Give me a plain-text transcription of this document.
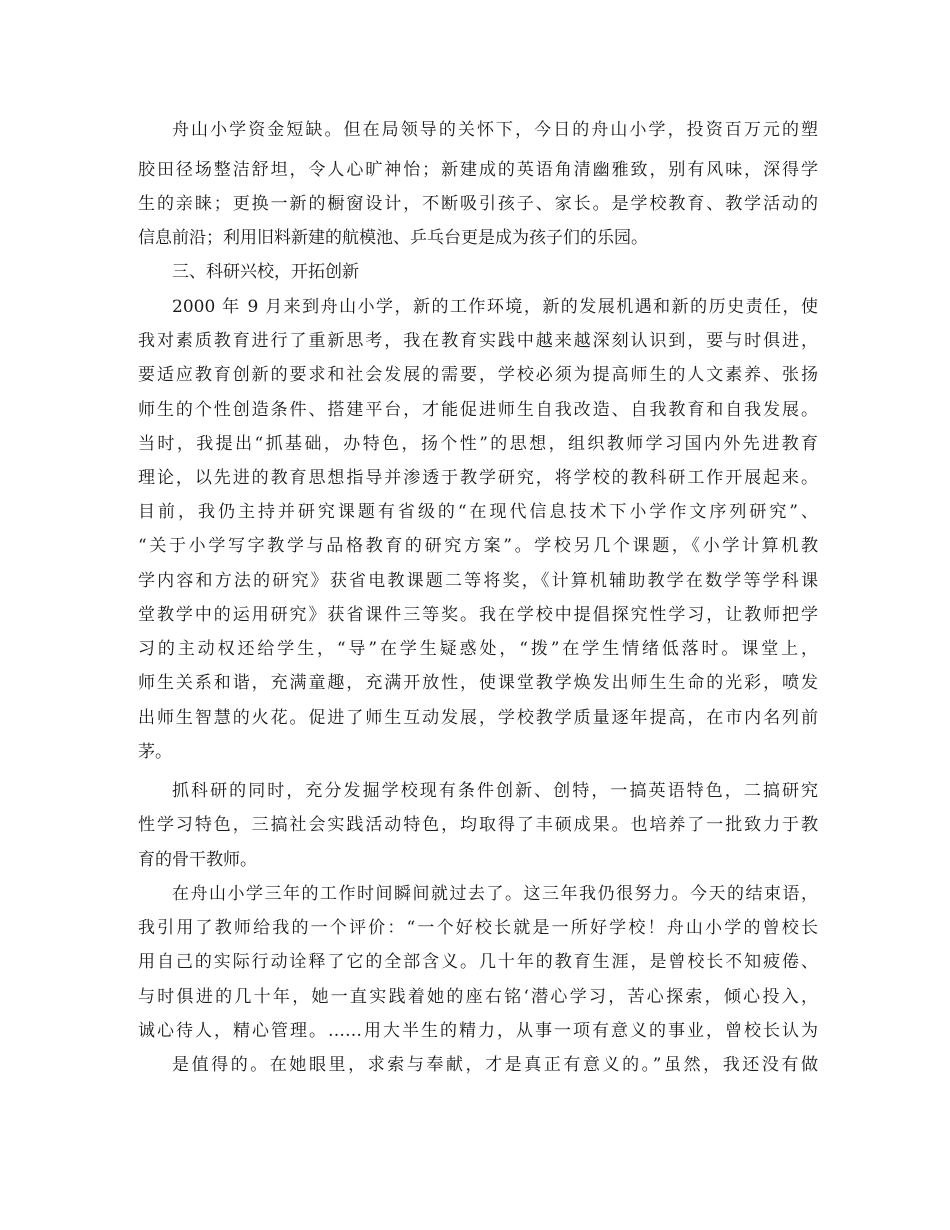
舟山小学资金短缺。但在局领导的关怀下，今日的舟山小学，投资百万元的塑
胶田径场整洁舒坦，令人心旷神怡；新建成的英语角清幽雅致，别有风味，深得学
生的亲睐；更换一新的橱窗设计，不断吸引孩子、家长。是学校教育、教学活动的
信息前沿；利用旧料新建的航模池、乒乓台更是成为孩子们的乐园。
三、科研兴校，开拓创新
2000 年 9 月来到舟山小学，新的工作环境，新的发展机遇和新的历史责任，使
我对素质教育进行了重新思考，我在教育实践中越来越深刻认识到，要与时俱进，
要适应教育创新的要求和社会发展的需要，学校必须为提高师生的人文素养、张扬
师生的个性创造条件、搭建平台，才能促进师生自我改造、自我教育和自我发展。
当时，我提出“抓基础，办特色，扬个性”的思想，组织教师学习国内外先进教育
理论，以先进的教育思想指导并渗透于教学研究，将学校的教科研工作开展起来。
目前，我仍主持并研究课题有省级的“在现代信息技术下小学作文序列研究”、
“关于小学写字教学与品格教育的研究方案”。学校另几个课题，《小学计算机教
学内容和方法的研究》获省电教课题二等将奖，《计算机辅助教学在数学等学科课
堂教学中的运用研究》获省课件三等奖。我在学校中提倡探究性学习，让教师把学
习的主动权还给学生，“导”在学生疑惑处，“拨”在学生情绪低落时。课堂上，
师生关系和谐，充满童趣，充满开放性，使课堂教学焕发出师生生命的光彩，喷发
出师生智慧的火花。促进了师生互动发展，学校教学质量逐年提高，在市内名列前
茅。
抓科研的同时，充分发掘学校现有条件创新、创特，一搞英语特色，二搞研究
性学习特色，三搞社会实践活动特色，均取得了丰硕成果。也培养了一批致力于教
育的骨干教师。
在舟山小学三年的工作时间瞬间就过去了。这三年我仍很努力。今天的结束语，
我引用了教师给我的一个评价：“一个好校长就是一所好学校！舟山小学的曾校长
用自己的实际行动诠释了它的全部含义。几十年的教育生涯，是曾校长不知疲倦、
与时俱进的几十年，她一直实践着她的座右铭‘潜心学习，苦心探索，倾心投入，
诚心待人，精心管理。……用大半生的精力，从事一项有意义的事业，曾校长认为
是值得的。在她眼里，求索与奉献，才是真正有意义的。”虽然，我还没有做
